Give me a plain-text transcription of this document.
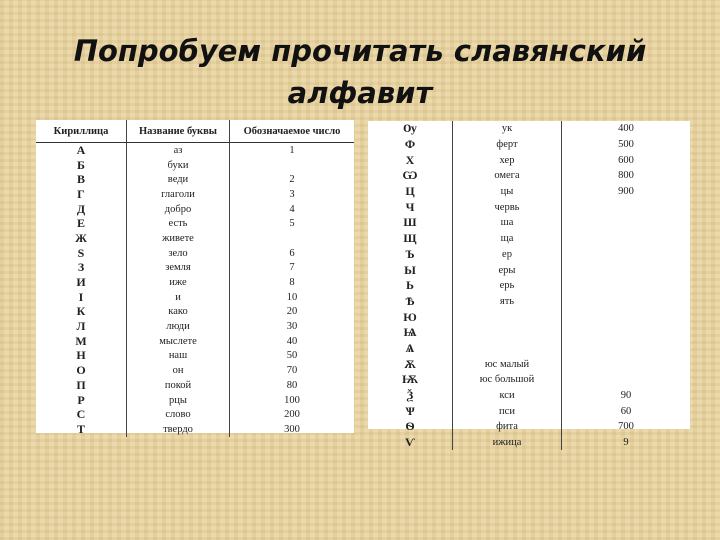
Попробуем прочитать славянский
алфавит
Кириллица	Название буквы	Обозначаемое число
А	аз	1
Б	буки	
В	веди	2
Г	глаголи	3
Д	добро	4
Е	есть	5
Ж	живете	
Ѕ	зело	6
З	земля	7
И	иже	8
І	и	10
К	како	20
Л	люди	30
М	мыслете	40
Н	наш	50
О	он	70
П	покой	80
Р	рцы	100
С	слово	200
Т	твердо	300
Ѹ	ук	400
Ф	ферт	500
Х	хер	600
Ѡ	омега	800
Ц	цы	900
Ч	червь	
Ш	ша	
Щ	ща	
Ъ	ер	
Ы	еры	
Ь	ерь	
Ѣ	ять	
Ю		
Ѩ		
Ѧ		
Ѫ	юс малый	
Ѭ	юс большой	
Ѯ	кси	90
Ѱ	пси	60
Ѳ	фита	700
Ѵ	ижица	9
